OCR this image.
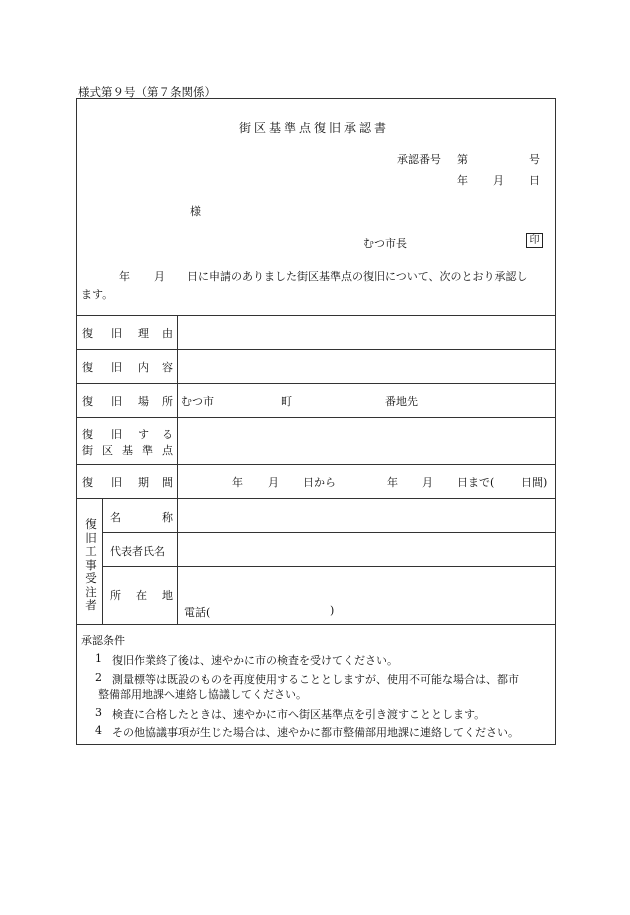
様式第９号（第７条関係）
街区基準点復旧承認書
承認番号 第	号
年 月 日
様
むつ市長	印
年 月 日に申請のありました街区基準点の復旧について、次のとおり承認し
ます。
復 旧 理 由
復 旧 内 容
復 旧 場 所 むつ市	町	番地先
復 旧 す る
街 区 基 準 点
復 旧 期 間	年 月 日から	年 月 日まで( 日間)
復旧工事受注者
名	称
代表者氏名
所 在 地
電話(	)
承認条件
1 復旧作業終了後は、速やかに市の検査を受けてください。
2 測量標等は既設のものを再度使用することとしますが、使用不可能な場合は、都市
整備部用地課へ連絡し協議してください。
3 検査に合格したときは、速やかに市へ街区基準点を引き渡すこととします。
4 その他協議事項が生じた場合は、速やかに都市整備部用地課に連絡してください。
